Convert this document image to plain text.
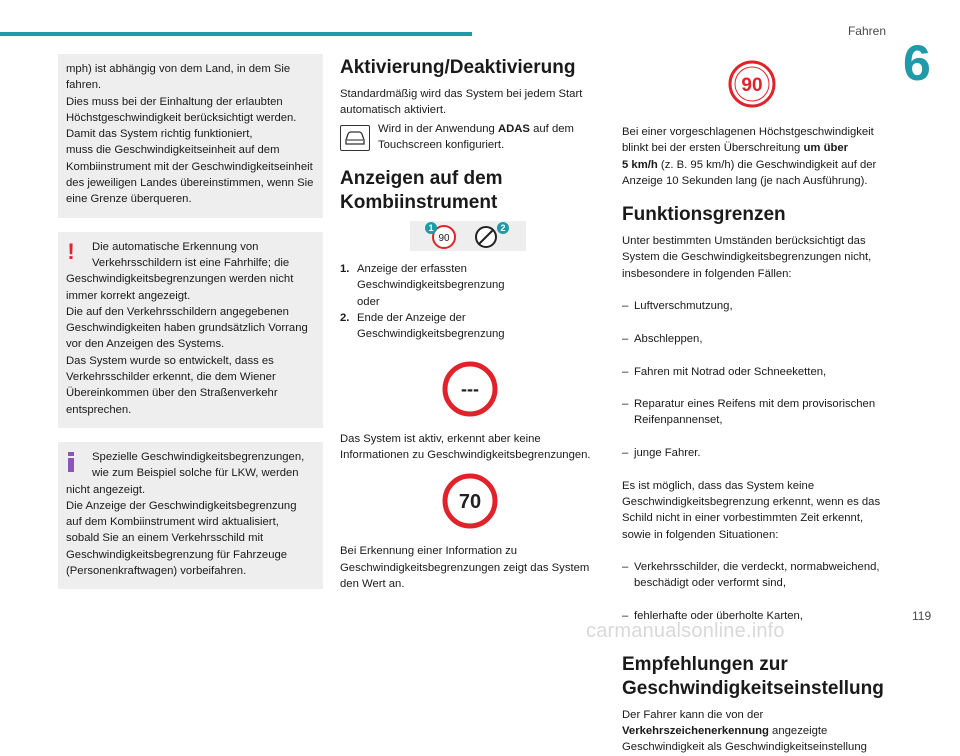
Fahren
6

mph) ist abhängig von dem Land, in dem Sie
fahren.
Dies muss bei der Einhaltung der erlaubten
Höchstgeschwindigkeit berücksichtigt werden.
Damit das System richtig funktioniert,
muss die Geschwindigkeitseinheit auf dem
Kombiinstrument mit der Geschwindigkeitseinheit
des jeweiligen Landes übereinstimmen, wenn Sie
eine Grenze überqueren.

!	Die automatische Erkennung von
Verkehrsschildern ist eine Fahrhilfe; die

Geschwindigkeitsbegrenzungen werden nicht
immer korrekt angezeigt.
Die auf den Verkehrsschildern angegebenen
Geschwindigkeiten haben grundsätzlich Vorrang
vor den Anzeigen des Systems.
Das System wurde so entwickelt, dass es
Verkehrsschilder erkennt, die dem Wiener
Übereinkommen über den Straßenverkehr
entsprechen.

Spezielle Geschwindigkeitsbegrenzungen,
wie zum Beispiel solche für LKW, werden

nicht angezeigt.
Die Anzeige der Geschwindigkeitsbegrenzung
auf dem Kombiinstrument wird aktualisiert,
sobald Sie an einem Verkehrsschild mit
Geschwindigkeitsbegrenzung für Fahrzeuge
(Personenkraftwagen) vorbeifahren.

Aktivierung/Deaktivierung

Standardmäßig wird das System bei jedem Start
automatisch aktiviert.

Wird in der Anwendung ADAS auf dem
Touchscreen konfiguriert.

Anzeigen auf dem
Kombiinstrument
90
1	2
1. Anzeige der erfassten
Geschwindigkeitsbegrenzung
oder
2. Ende der Anzeige der
Geschwindigkeitsbegrenzung
---

Das System ist aktiv, erkennt aber keine
Informationen zu Geschwindigkeitsbegrenzungen.

70

Bei Erkennung einer Information zu
Geschwindigkeitsbegrenzungen zeigt das System
den Wert an.

90

Bei einer vorgeschlagenen Höchstgeschwindigkeit
blinkt bei der ersten Überschreitung um über
5 km/h (z. B. 95 km/h) die Geschwindigkeit auf der
Anzeige 10 Sekunden lang (je nach Ausführung).

Funktionsgrenzen

Unter bestimmten Umständen berücksichtigt das
System die Geschwindigkeitsbegrenzungen nicht,
insbesondere in folgenden Fällen:

– Luftverschmutzung,

– Abschleppen,

– Fahren mit Notrad oder Schneeketten,

– Reparatur eines Reifens mit dem provisorischen
Reifenpannenset,

– junge Fahrer.

Es ist möglich, dass das System keine
Geschwindigkeitsbegrenzung erkennt, wenn es das
Schild nicht in einer vorbestimmten Zeit erkennt,
sowie in folgenden Situationen:

– Verkehrsschilder, die verdeckt, normabweichend,
beschädigt oder verformt sind,

– fehlerhafte oder überholte Karten,

Empfehlungen zur
Geschwindigkeitseinstellung

Der Fahrer kann die von der
Verkehrszeichenerkennung angezeigte
Geschwindigkeit als Geschwindigkeitseinstellung

119
carmanualsonline.info
